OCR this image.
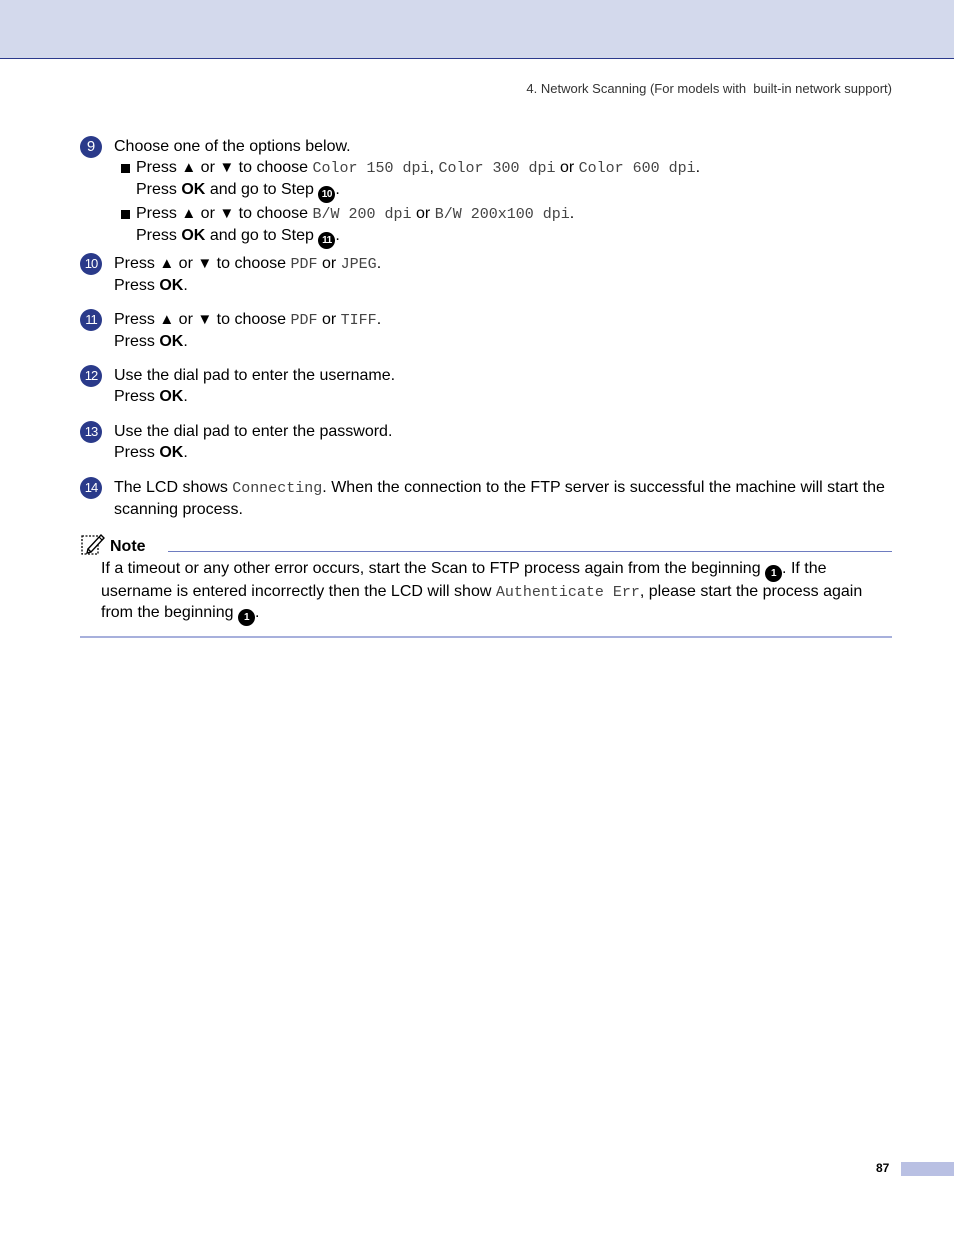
4. Network Scanning (For models with  built-in network support)
9	Choose one of the options below.
Press ▲ or ▼ to choose Color 150 dpi, Color 300 dpi or Color 600 dpi.
Press OK and go to Step 10 .
Press ▲ or ▼ to choose B/W 200 dpi or B/W 200x100 dpi.
Press OK and go to Step 11 .
10 Press ▲ or ▼ to choose PDF or JPEG.
Press OK.
11	Press ▲ or ▼ to choose PDF or TIFF.
Press OK.
12 Use the dial pad to enter the username.
Press OK.
13 Use the dial pad to enter the password.
Press OK.
14 The LCD shows Connecting. When the connection to the FTP server is successful the machine will start the scanning process.
Note
If a timeout or any other error occurs, start the Scan to FTP process again from the beginning 1 . If the username is entered incorrectly then the LCD will show Authenticate Err, please start the process again from the beginning 1 .
87
